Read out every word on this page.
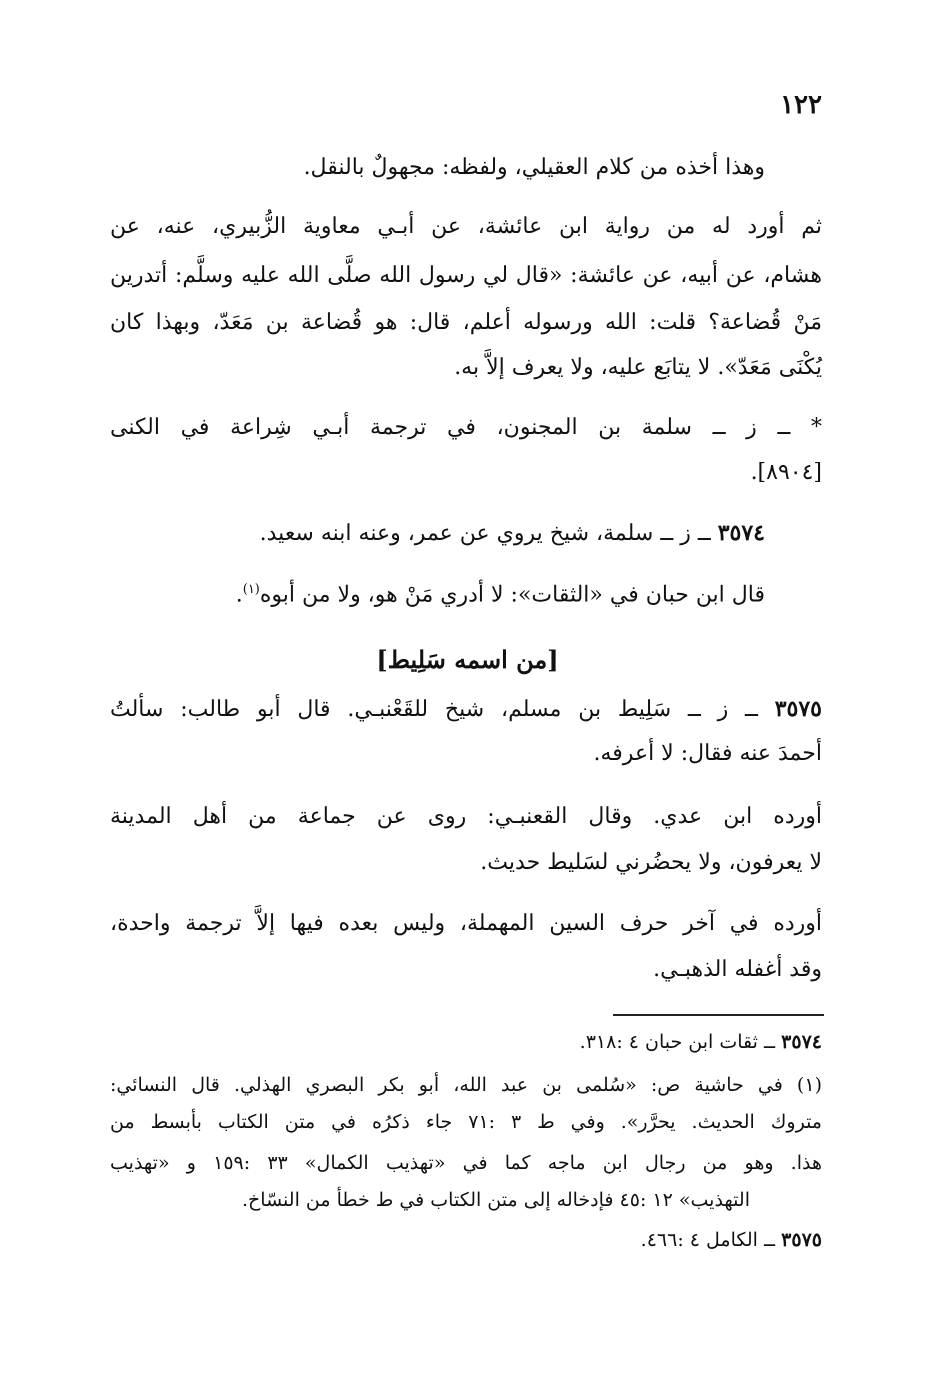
١٢٢
وهذا أخذه من كلام العقيلي، ولفظه: مجهولٌ بالنقل.
ثم أورد له من رواية ابن عائشة، عن أبـي معاوية الزُّبيري، عنه، عن
هشام، عن أبيه، عن عائشة: «قال لي رسول الله صلَّى الله عليه وسلَّم: أتدرين
مَنْ قُضاعة؟ قلت: الله ورسوله أعلم، قال: هو قُضاعة بن مَعَدّ، وبهذا كان
يُكْنَى مَعَدّ». لا يتابَع عليه، ولا يعرف إلاَّ به.
* ــ ز ــ سلمة بن المجنون، في ترجمة أبـي شِراعة في الكنى
[٨٩٠٤].
٣٥٧٤ ــ ز ــ سلمة، شيخ يروي عن عمر، وعنه ابنه سعيد.
قال ابن حبان في «الثقات»: لا أدري مَنْ هو، ولا من أبوه$^{(١)}$.
[من اسمه سَلِيط]
٣٥٧٥ ــ ز ــ سَلِيط بن مسلم، شيخ للقَعْنبـي. قال أبو طالب: سألتُ
أحمدَ عنه فقال: لا أعرفه.
أورده ابن عدي. وقال القعنبـي: روى عن جماعة من أهل المدينة
لا يعرفون، ولا يحضُرني لسَليط حديث.
أورده في آخر حرف السين المهملة، وليس بعده فيها إلاَّ ترجمة واحدة،
وقد أغفله الذهبـي.
٣٥٧٤ ــ ثقات ابن حبان ٤ :٣١٨.
(١) في حاشية ص: «سُلمى بن عبد الله، أبو بكر البصري الهذلي. قال النسائي:
متروك الحديث. يحرَّر». وفي ط ٣ :٧١ جاء ذكرُه في متن الكتاب بأبسط من
هذا. وهو من رجال ابن ماجه كما في «تهذيب الكمال» ٣٣ :١٥٩ و «تهذيب
التهذيب» ١٢ :٤٥ فإدخاله إلى متن الكتاب في ط خطأ من النسّاخ.
٣٥٧٥ ــ الكامل ٤ :٤٦٦.
